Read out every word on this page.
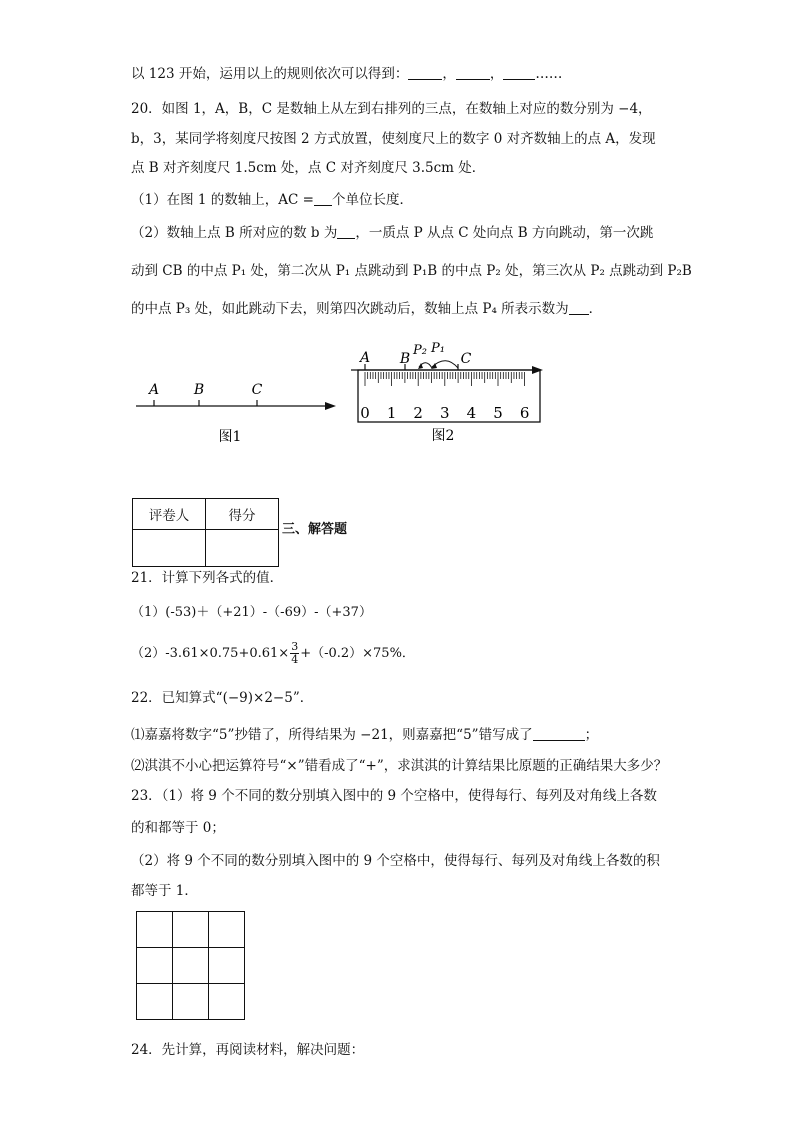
以 123 开始，运用以上的规则依次可以得到：	，	， ……
20．如图 1，A，B，C 是数轴上从左到右排列的三点，在数轴上对应的数分别为 −4，
b，3，某同学将刻度尺按图 2 方式放置，使刻度尺上的数字 0 对齐数轴上的点 A，发现
点 B 对齐刻度尺 1.5cm 处，点 C 对齐刻度尺 3.5cm 处．
（1）在图 1 的数轴上，AC = 个单位长度．
（2）数轴上点 B 所对应的数 b 为 ，一质点 P 从点 C 处向点 B 方向跳动，第一次跳
动到 CB 的中点 P₁ 处，第二次从 P₁ 点跳动到 P₁B 的中点 P₂ 处，第三次从 P₂ 点跳动到 P₂B
的中点 P₃ 处，如此跳动下去，则第四次跳动后，数轴上点 P₄ 所表示数为 ．
A B	C
图1
0 1 2 3 4 5 6
A B
P₂ P₁
C
图2
评卷人	得分

三、解答题
21．计算下列各式的值．
（1）(-53)＋（+21）-（-69）-（+37）
$(2)-3.61\times 0.75+0.61\times \frac{3}{4} +(-0.2)\times 75\%$．
22．已知算式“(−9)×2−5”．
⑴嘉嘉将数字“5”抄错了，所得结果为 −21，则嘉嘉把“5”错写成了	；
⑵淇淇不小心把运算符号“×”错看成了“+”，求淇淇的计算结果比原题的正确结果大多少？
23．（1）将 9 个不同的数分别填入图中的 9 个空格中，使得每行、每列及对角线上各数
的和都等于 0；
（2）将 9 个不同的数分别填入图中的 9 个空格中，使得每行、每列及对角线上各数的积
都等于 1．

24．先计算，再阅读材料，解决问题：
